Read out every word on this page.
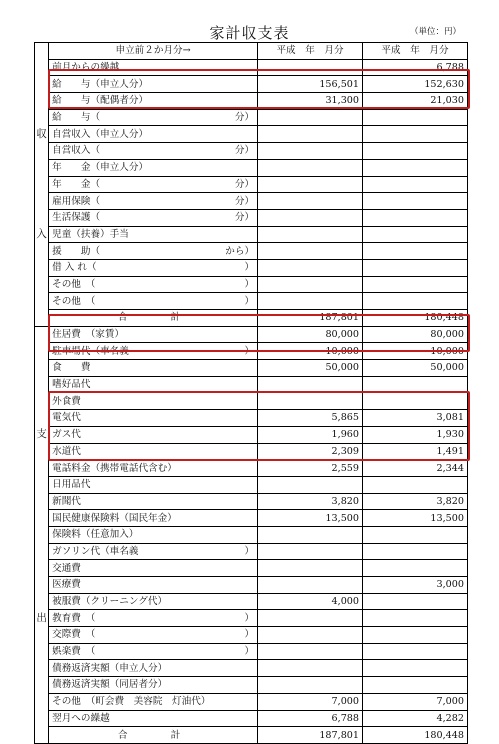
家計収支表	（単位：円）
	申立前２か月分→	平成　年　月分	平成　年　月分
	前月からの繰越		6,788
	給　　与（申立人分）	156,501	152,630
	給　　与（配偶者分）	31,300	21,030

	給　　与（ 分）		

収	自営収入（申立人分）		

	自営収入（ 分）		

	年　　金（申立人分）		

	年　　金（ 分）		

	雇用保険（ 分）		

	生活保護（ 分）		

入	児童（扶養）手当		

	援　　助（ から）		

	借 入 れ（ ）		

	その他　（ ）		

	その他　（ ）		

	合　　計	187,801	180,448
	住居費　（家賃）	80,000	80,000

	駐車場代（車名義 ）	10,000	10,000
	食　　費	50,000	50,000
	嗜好品代		
	外食費		
	電気代	5,865	3,081
支	ガス代	1,960	1,930
	水道代	2,309	1,491
	電話料金（携帯電話代含む）	2,559	2,344
	日用品代		
	新聞代	3,820	3,820
	国民健康保険料（国民年金）	13,500	13,500
	保険料（任意加入）		

	ガソリン代（車名義 ）		

	交通費		
	医療費		3,000
	被服費（クリーニング代）	4,000	
出	教育費　（ ）		

	交際費　（ ）		

	娯楽費　（ ）		

	債務返済実額（申立人分）		
	債務返済実額（同居者分）		
	その他　（町会費　美容院　灯油代）	7,000	7,000
	翌月への繰越	6,788	4,282
	合　　計	187,801	180,448
